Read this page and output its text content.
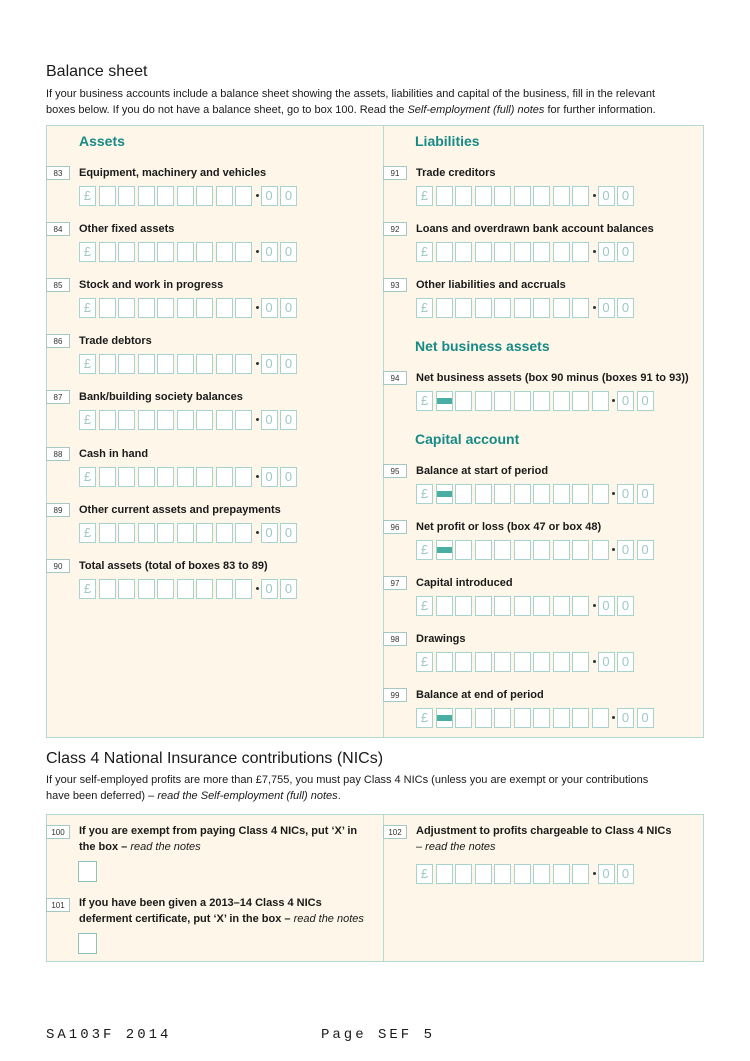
Balance sheet
If your business accounts include a balance sheet showing the assets, liabilities and capital of the business, fill in the relevant
boxes below. If you do not have a balance sheet, go to box 100. Read the Self-employment (full) notes for further information.
Assets	Liabilities
Net business assets
Capital account
83	Equipment, machinery and vehicles
£	0 0
84	Other fixed assets
£	0 0
85	Stock and work in progress
£	0 0
86	Trade debtors
£	0 0
87	Bank/building society balances
£	0 0
88	Cash in hand
£	0 0
89	Other current assets and prepayments
£	0 0
90	Total assets (total of boxes 83 to 89)
£	0 0
91	Trade creditors
£	0 0
92	Loans and overdrawn bank account balances
£	0 0
93	Other liabilities and accruals
£	0 0
94	Net business assets (box 90 minus (boxes 91 to 93))
£	0 0
95	Balance at start of period
£	0 0
96	Net profit or loss (box 47 or box 48)
£	0 0
97	Capital introduced
£	0 0
98	Drawings
£	0 0
99	Balance at end of period
£	0 0
Class 4 National Insurance contributions (NICs)
If your self-employed profits are more than £7,755, you must pay Class 4 NICs (unless you are exempt or your contributions
have been deferred) – read the Self-employment (full) notes.
100	If you are exempt from paying Class 4 NICs, put ‘X’ in
the box – read the notes
101	If you have been given a 2013–14 Class 4 NICs
deferment certificate, put ‘X’ in the box – read the notes
102	Adjustment to profits chargeable to Class 4 NICs
– read the notes
£	0 0
SA103F 2014	Page SEF 5
